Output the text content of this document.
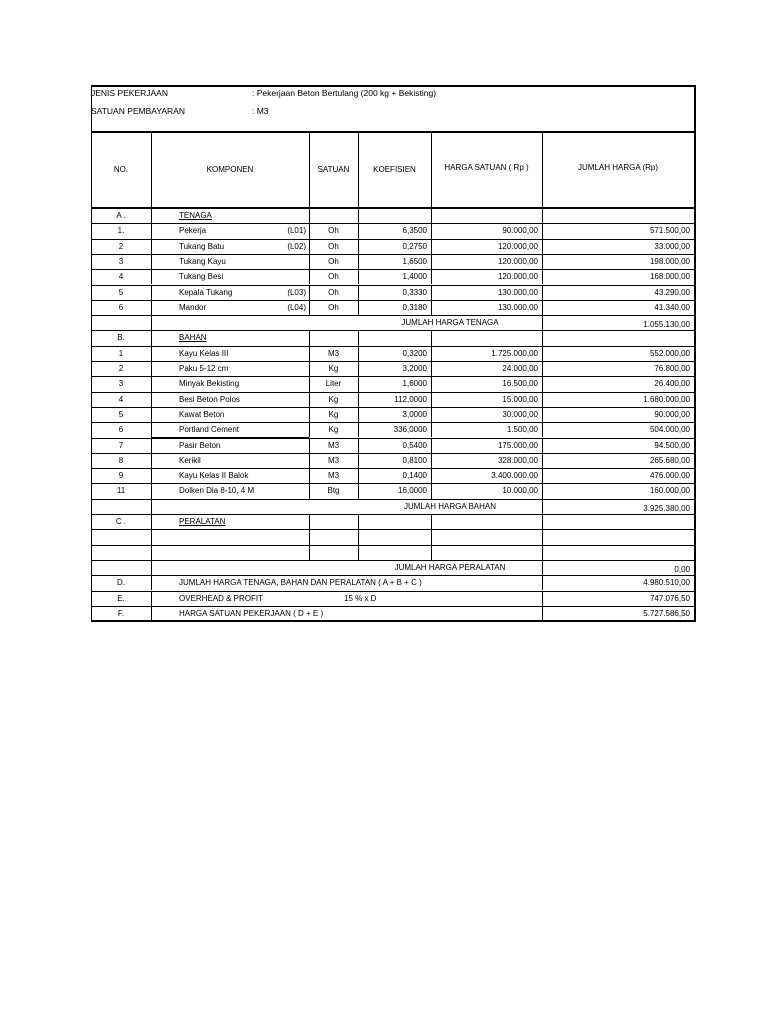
JENIS PEKERJAAN	: Pekerjaan Beton Bertulang (200 kg + Bekisting)
SATUAN PEMBAYARAN	: M3
NO.	KOMPONEN	SATUAN	KOEFISIEN	HARGA SATUAN ( Rp )	JUMLAH HARGA (Rp)
A .	TENAGA
1.	Pekerja	(L01)	Oh	6,3500	90.000,00	571.500,00
2	Tukang Batu	(L02)	Oh	0,2750	120.000,00	33.000,00
3	Tukang Kayu	Oh	1,6500	120.000,00	198.000,00
4	Tukang Besi	Oh	1,4000	120.000,00	168.000,00
5	Kepala Tukang	(L03)	Oh	0,3330	130.000,00	43.290,00
6	Mandor	(L04)	Oh	0,3180	130.000,00	41.340,00
JUMLAH HARGA TENAGA	1.055.130,00
B.	BAHAN
1	Kayu Kelas III	M3	0,3200	1.725.000,00	552.000,00
2	Paku 5-12 cm	Kg	3,2000	24.000,00	76.800,00
3	Minyak Bekisting	Liter	1,6000	16.500,00	26.400,00
4	Besi Beton Polos	Kg	112,0000	15.000,00	1.680.000,00
5	Kawat Beton	Kg	3,0000	30.000,00	90.000,00
6	Portland Cement	Kg	336,0000	1.500,00	504.000,00
7	Pasir Beton	M3	0,5400	175.000,00	94.500,00
8	Kerikil	M3	0,8100	328.000,00	265.680,00
9	Kayu Kelas II Balok	M3	0,1400	3.400.000,00	476.000,00
11	Dolken Dia 8-10, 4 M	Btg	16,0000	10.000,00	160.000,00
JUMLAH HARGA BAHAN	3.925.380,00
C .	PERALATAN
JUMLAH HARGA PERALATAN	0,00
D.	JUMLAH HARGA TENAGA, BAHAN DAN PERALATAN ( A + B + C )	4.980.510,00
E.	OVERHEAD & PROFIT	15 % x D	747.076,50
F.	HARGA SATUAN PEKERJAAN ( D + E )	5.727.586,50
